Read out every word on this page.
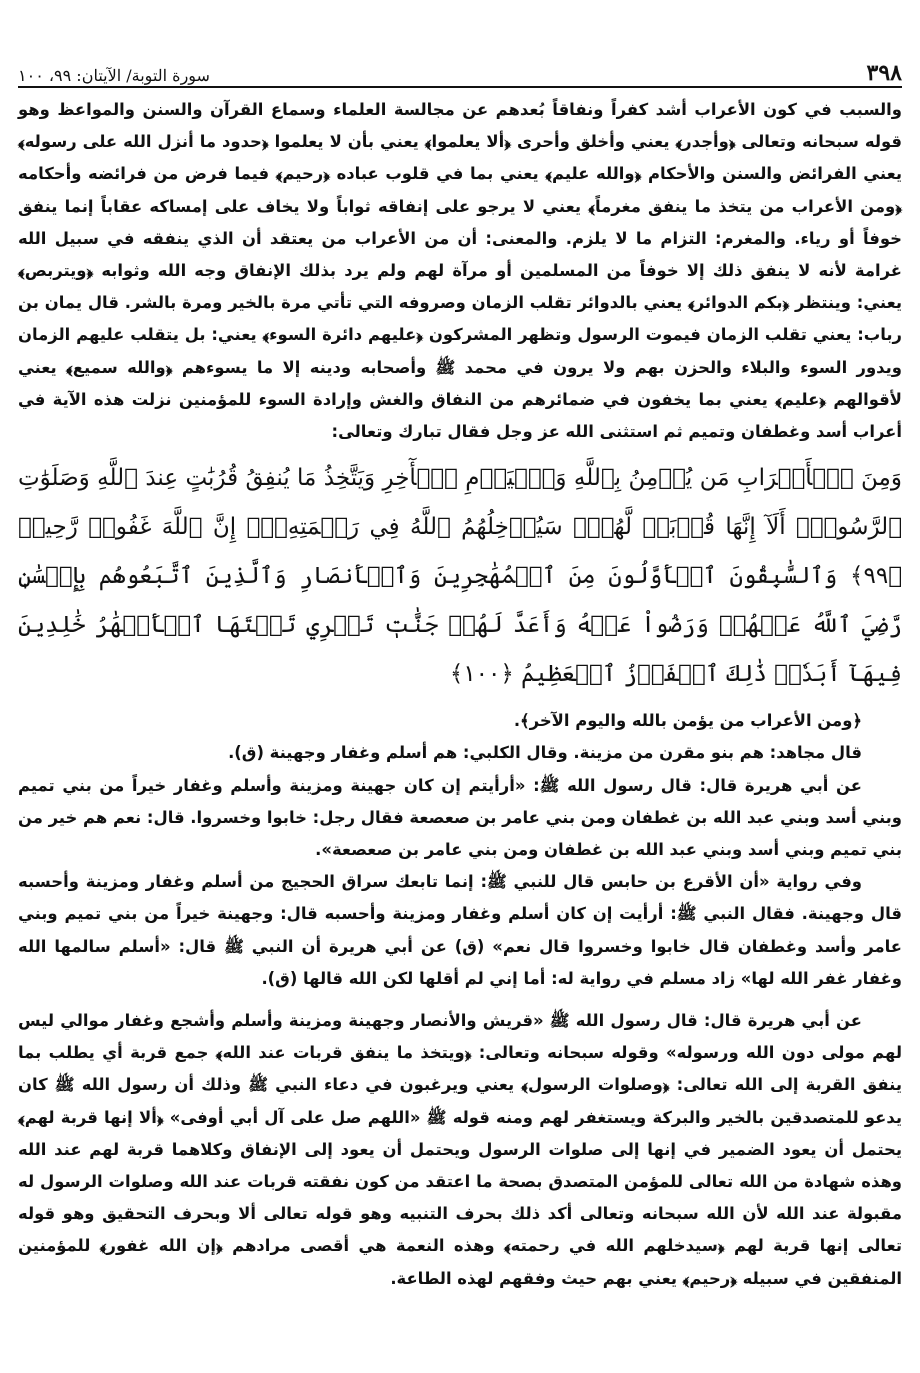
٣٩٨
سورة التوبة/ الآيتان: ٩٩، ١٠٠

والسبب في كون الأعراب أشد كفراً ونفاقاً بُعدهم عن مجالسة العلماء وسماع القرآن والسنن والمواعظ وهو قوله سبحانه وتعالى ﴿وأجدر﴾ يعني وأخلق وأحرى ﴿ألا يعلموا﴾ يعني بأن لا يعلموا ﴿حدود ما أنزل الله على رسوله﴾ يعني الفرائض والسنن والأحكام ﴿والله عليم﴾ يعني بما في قلوب عباده ﴿رحيم﴾ فيما فرض من فرائضه وأحكامه ﴿ومن الأعراب من يتخذ ما ينفق مغرماً﴾ يعني لا يرجو على إنفاقه ثواباً ولا يخاف على إمساكه عقاباً إنما ينفق خوفاً أو رياء. والمغرم: التزام ما لا يلزم. والمعنى: أن من الأعراب من يعتقد أن الذي ينفقه في سبيل الله غرامة لأنه لا ينفق ذلك إلا خوفاً من المسلمين أو مرآة لهم ولم يرد بذلك الإنفاق وجه الله وثوابه ﴿ويتربص﴾ يعني: وينتظر ﴿بكم الدوائر﴾ يعني بالدوائر تقلب الزمان وصروفه التي تأتي مرة بالخير ومرة بالشر. قال يمان بن رباب: يعني تقلب الزمان فيموت الرسول وتظهر المشركون ﴿عليهم دائرة السوء﴾ يعني: بل يتقلب عليهم الزمان ويدور السوء والبلاء والحزن بهم ولا يرون في محمد ﷺ وأصحابه ودينه إلا ما يسوءهم ﴿والله سميع﴾ يعني لأقوالهم ﴿عليم﴾ يعني بما يخفون في ضمائرهم من النفاق والغش وإرادة السوء للمؤمنين نزلت هذه الآية في أعراب أسد وغطفان وتميم ثم استثنى الله عز وجل فقال تبارك وتعالى:

وَمِنَ ٱلۡأَعۡرَابِ مَن يُؤۡمِنُ بِٱللَّهِ وَٱلۡيَوۡمِ ٱلۡأٓخِرِ وَيَتَّخِذُ مَا يُنفِقُ قُرُبَٰتٍ عِندَ ٱللَّهِ وَصَلَوَٰتِ ٱلرَّسُولِۚ أَلَآ إِنَّهَا قُرۡبَةٞ لَّهُمۡۚ سَيُدۡخِلُهُمُ ٱللَّهُ فِي رَحۡمَتِهِۦٓۚ إِنَّ ٱللَّهَ غَفُورٞ رَّحِيمٞ ﴿٩٩﴾ وَٱلسَّٰبِقُونَ ٱلۡأَوَّلُونَ مِنَ ٱلۡمُهَٰجِرِينَ وَٱلۡأَنصَارِ وَٱلَّذِينَ ٱتَّبَعُوهُم بِإِحۡسَٰنٖ رَّضِيَ ٱللَّهُ عَنۡهُمۡ وَرَضُواْ عَنۡهُ وَأَعَدَّ لَهُمۡ جَنَّٰتٖ تَجۡرِي تَحۡتَهَا ٱلۡأَنۡهَٰرُ خَٰلِدِينَ فِيهَآ أَبَدٗاۚ ذَٰلِكَ ٱلۡفَوۡزُ ٱلۡعَظِيمُ ﴿١٠٠﴾

﴿ومن الأعراب من يؤمن بالله واليوم الآخر﴾.

قال مجاهد: هم بنو مقرن من مزينة. وقال الكلبي: هم أسلم وغفار وجهينة (ق).

عن أبي هريرة قال: قال رسول الله ﷺ: «أرأيتم إن كان جهينة ومزينة وأسلم وغفار خيراً من بني تميم وبني أسد وبني عبد الله بن غطفان ومن بني عامر بن صعصعة فقال رجل: خابوا وخسروا. قال: نعم هم خير من بني تميم وبني أسد وبني عبد الله بن غطفان ومن بني عامر بن صعصعة».

وفي رواية «أن الأقرع بن حابس قال للنبي ﷺ: إنما تابعك سراق الحجيج من أسلم وغفار ومزينة وأحسبه قال وجهينة. فقال النبي ﷺ: أرأيت إن كان أسلم وغفار ومزينة وأحسبه قال: وجهينة خيراً من بني تميم وبني عامر وأسد وغطفان قال خابوا وخسروا قال نعم» (ق) عن أبي هريرة أن النبي ﷺ قال: «أسلم سالمها الله وغفار غفر الله لها» زاد مسلم في رواية له: أما إني لم أقلها لكن الله قالها (ق).

عن أبي هريرة قال: قال رسول الله ﷺ «قريش والأنصار وجهينة ومزينة وأسلم وأشجع وغفار موالي ليس لهم مولى دون الله ورسوله» وقوله سبحانه وتعالى: ﴿ويتخذ ما ينفق قربات عند الله﴾ جمع قربة أي يطلب بما ينفق القربة إلى الله تعالى: ﴿وصلوات الرسول﴾ يعني ويرغبون في دعاء النبي ﷺ وذلك أن رسول الله ﷺ كان يدعو للمتصدقين بالخير والبركة ويستغفر لهم ومنه قوله ﷺ «اللهم صل على آل أبي أوفى» ﴿ألا إنها قربة لهم﴾ يحتمل أن يعود الضمير في إنها إلى صلوات الرسول ويحتمل أن يعود إلى الإنفاق وكلاهما قربة لهم عند الله وهذه شهادة من الله تعالى للمؤمن المتصدق بصحة ما اعتقد من كون نفقته قربات عند الله وصلوات الرسول له مقبولة عند الله لأن الله سبحانه وتعالى أكد ذلك بحرف التنبيه وهو قوله تعالى ألا وبحرف التحقيق وهو قوله تعالى إنها قربة لهم ﴿سيدخلهم الله في رحمته﴾ وهذه النعمة هي أقصى مرادهم ﴿إن الله غفور﴾ للمؤمنين المنفقين في سبيله ﴿رحيم﴾ يعني بهم حيث وفقهم لهذه الطاعة.
